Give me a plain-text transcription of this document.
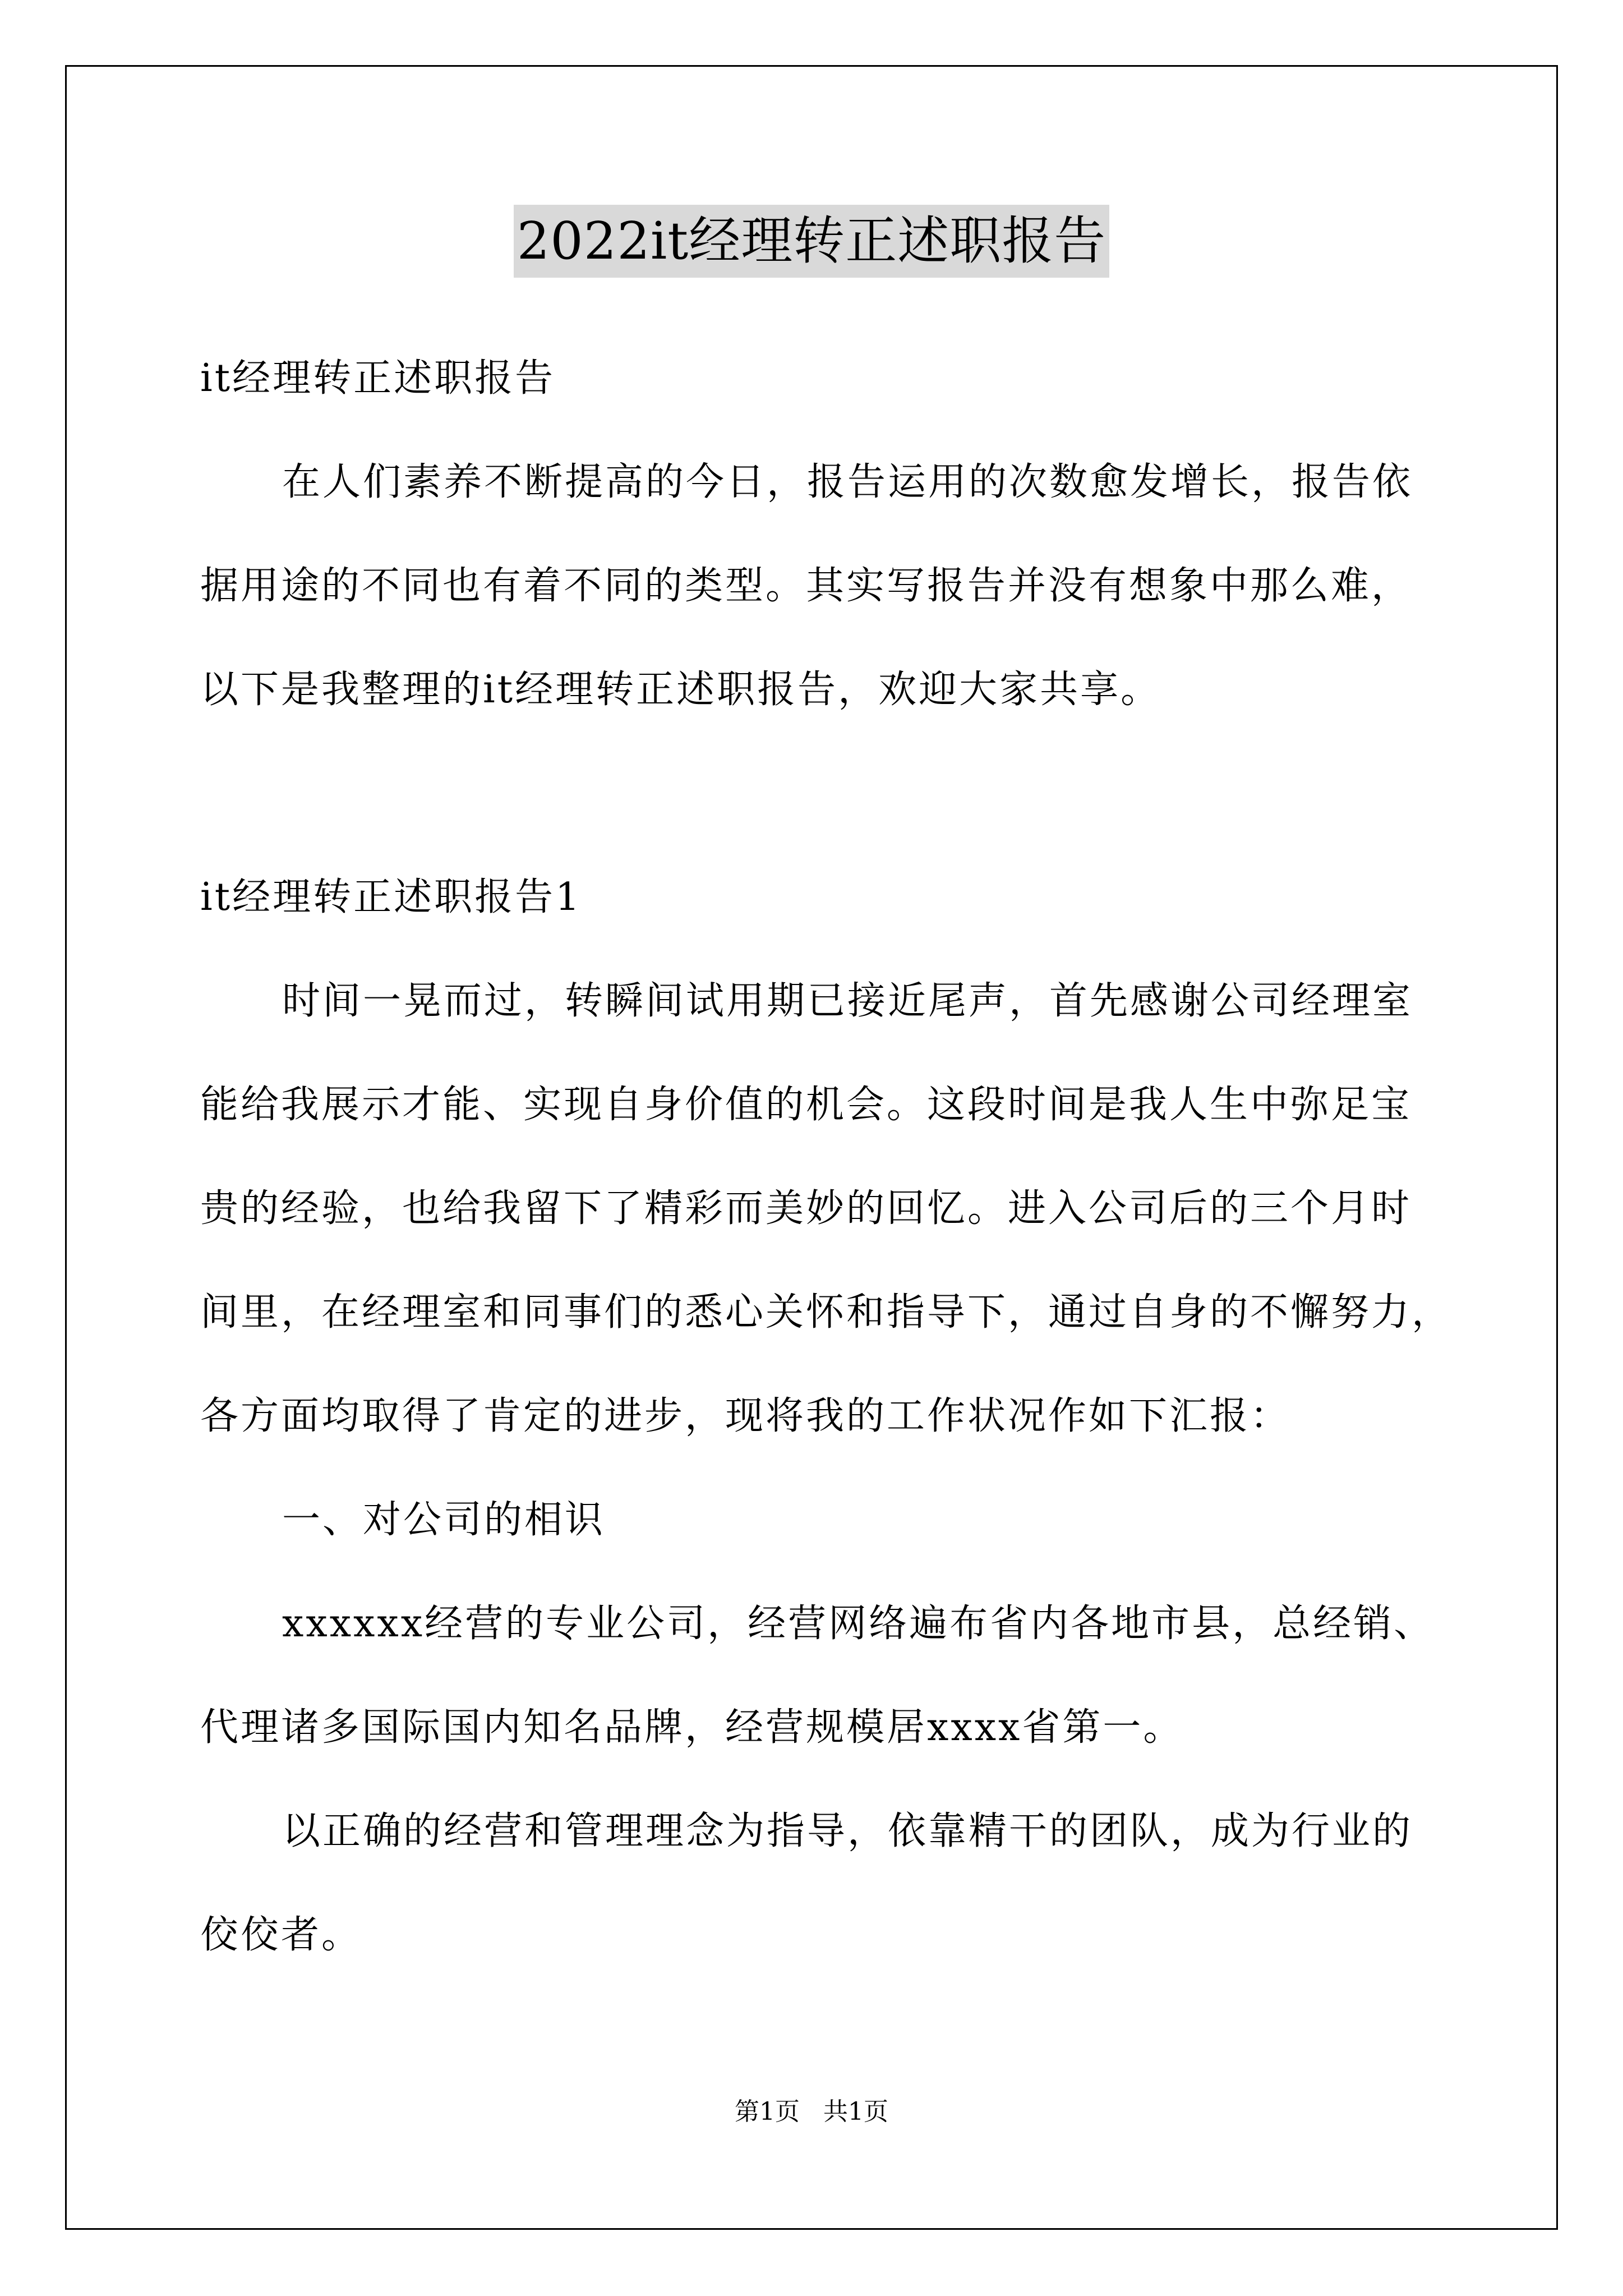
2022it经理转正述职报告
it经理转正述职报告
在人们素养不断提高的今日，报告运用的次数愈发增长，报告依
据用途的不同也有着不同的类型。其实写报告并没有想象中那么难，
以下是我整理的it经理转正述职报告，欢迎大家共享。
it经理转正述职报告1
时间一晃而过，转瞬间试用期已接近尾声，首先感谢公司经理室
能给我展示才能、实现自身价值的机会。这段时间是我人生中弥足宝
贵的经验，也给我留下了精彩而美妙的回忆。进入公司后的三个月时
间里，在经理室和同事们的悉心关怀和指导下，通过自身的不懈努力，
各方面均取得了肯定的进步，现将我的工作状况作如下汇报：
一、对公司的相识
xxxxxx经营的专业公司，经营网络遍布省内各地市县，总经销、
代理诸多国际国内知名品牌，经营规模居xxxx省第一。
以正确的经营和管理理念为指导，依靠精干的团队，成为行业的
佼佼者。
第1页   共1页
